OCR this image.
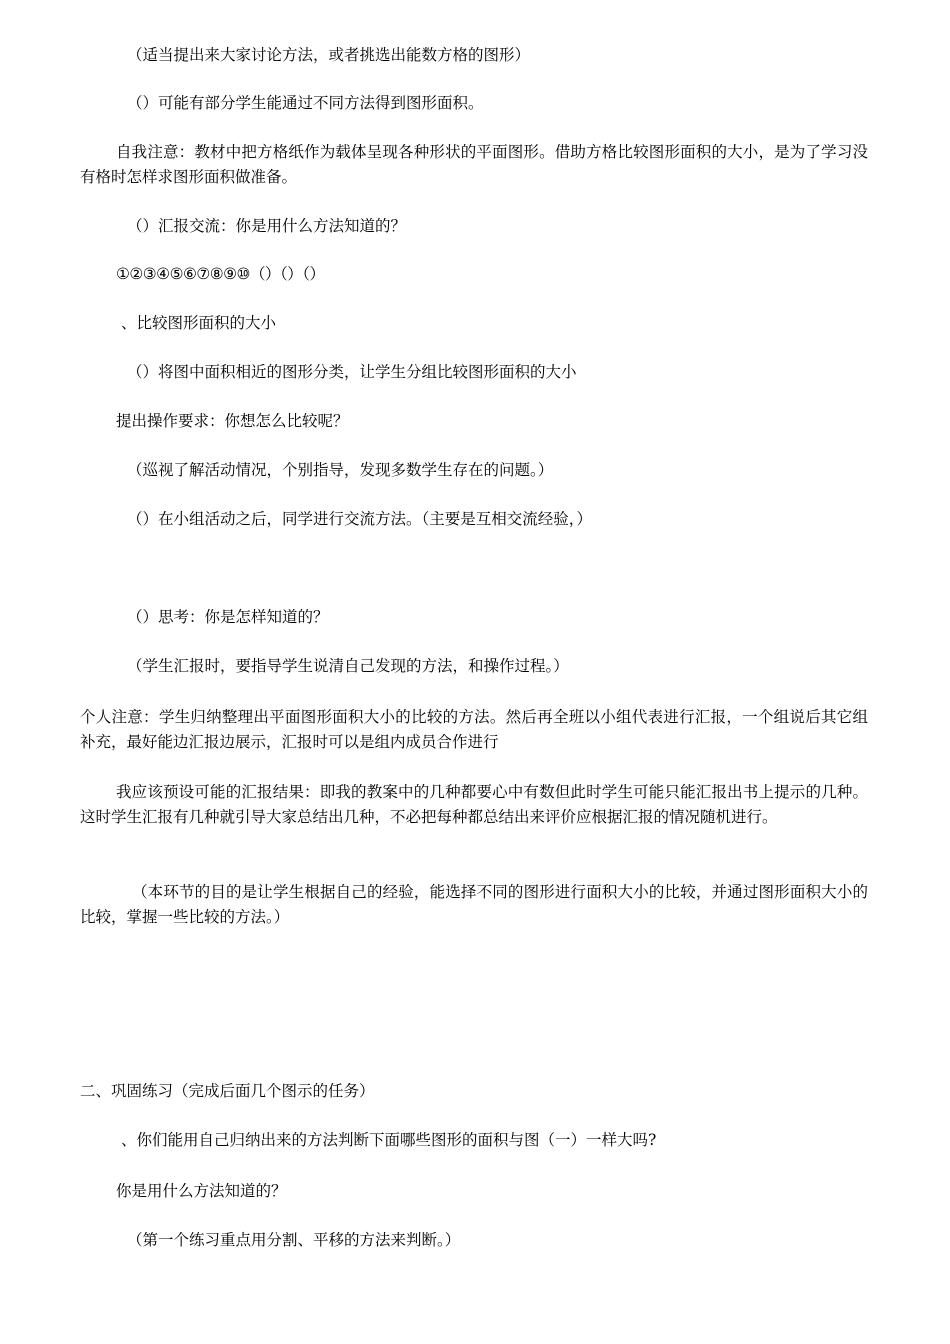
（适当提出来大家讨论方法，或者挑选出能数方格的图形）

（）可能有部分学生能通过不同方法得到图形面积。

自我注意：教材中把方格纸作为载体呈现各种形状的平面图形。借助方格比较图形面积的大小，是为了学习没有格时怎样求图形面积做准备。

（）汇报交流：你是用什么方法知道的？

①②③④⑤⑥⑦⑧⑨⑩（）（）（）

、比较图形面积的大小

（）将图中面积相近的图形分类，让学生分组比较图形面积的大小

提出操作要求：你想怎么比较呢？

（巡视了解活动情况，个别指导，发现多数学生存在的问题。）

（）在小组活动之后，同学进行交流方法。（主要是互相交流经验，）

（）思考：你是怎样知道的？

（学生汇报时，要指导学生说清自己发现的方法，和操作过程。）

个人注意：学生归纳整理出平面图形面积大小的比较的方法。然后再全班以小组代表进行汇报，一个组说后其它组补充，最好能边汇报边展示，汇报时可以是组内成员合作进行

我应该预设可能的汇报结果：即我的教案中的几种都要心中有数但此时学生可能只能汇报出书上提示的几种。这时学生汇报有几种就引导大家总结出几种，不必把每种都总结出来评价应根据汇报的情况随机进行。

（本环节的目的是让学生根据自己的经验，能选择不同的图形进行面积大小的比较，并通过图形面积大小的比较，掌握一些比较的方法。）

二、巩固练习（完成后面几个图示的任务）

、你们能用自己归纳出来的方法判断下面哪些图形的面积与图（一）一样大吗?

你是用什么方法知道的？

（第一个练习重点用分割、平移的方法来判断。）
